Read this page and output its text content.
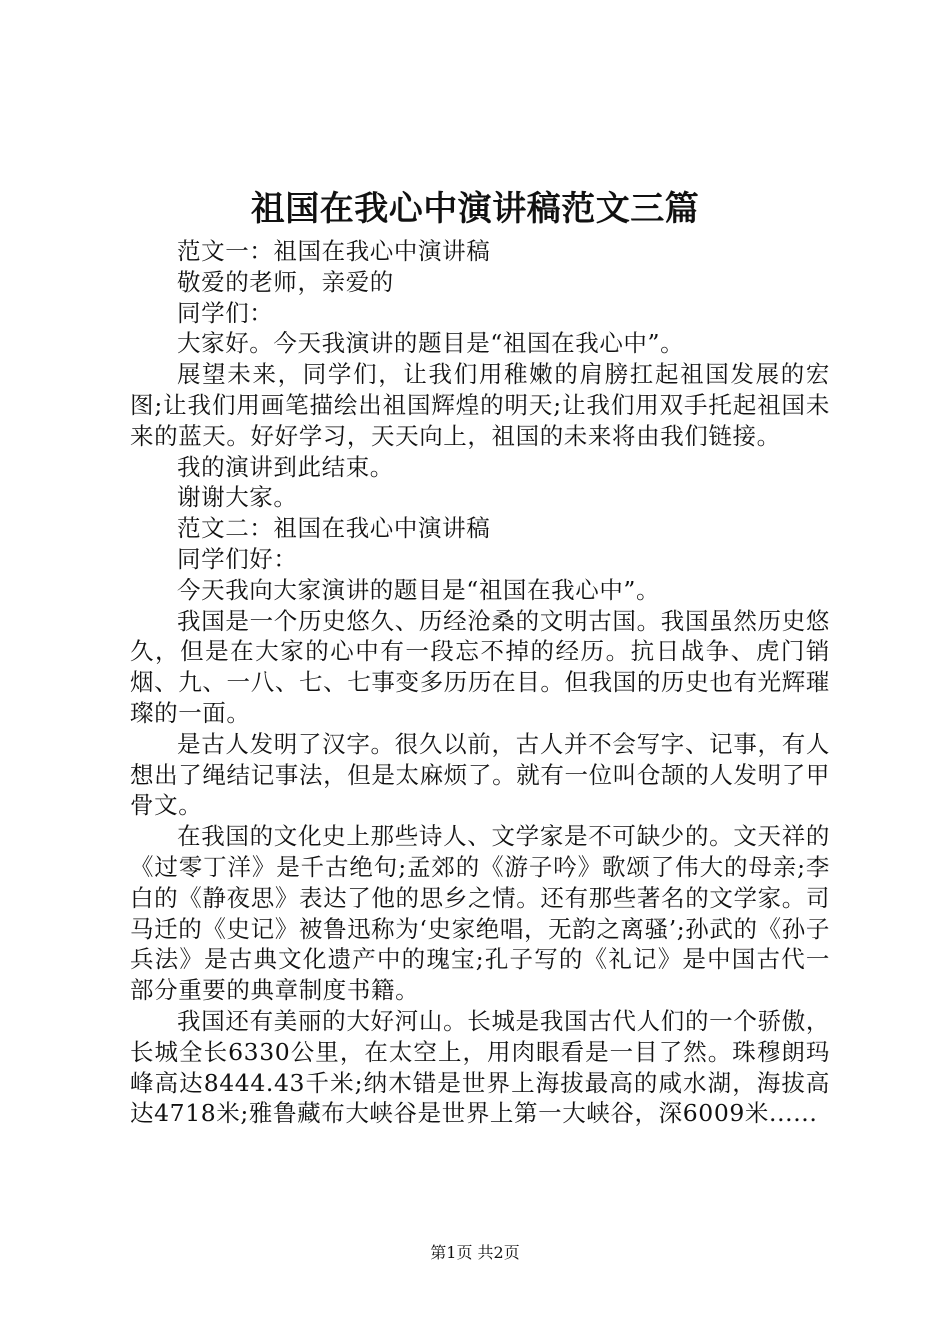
祖国在我心中演讲稿范文三篇

范文一：祖国在我心中演讲稿

敬爱的老师，亲爱的

同学们：

大家好。今天我演讲的题目是“祖国在我心中”。

展望未来，同学们，让我们用稚嫩的肩膀扛起祖国发展的宏图;让我们用画笔描绘出祖国辉煌的明天;让我们用双手托起祖国未来的蓝天。好好学习，天天向上，祖国的未来将由我们链接。

我的演讲到此结束。

谢谢大家。

范文二：祖国在我心中演讲稿

同学们好：

今天我向大家演讲的题目是“祖国在我心中”。

我国是一个历史悠久、历经沧桑的文明古国。我国虽然历史悠久，但是在大家的心中有一段忘不掉的经历。抗日战争、虎门销烟、九、一八、七、七事变多历历在目。但我国的历史也有光辉璀璨的一面。

是古人发明了汉字。很久以前，古人并不会写字、记事，有人想出了绳结记事法，但是太麻烦了。就有一位叫仓颉的人发明了甲骨文。

在我国的文化史上那些诗人、文学家是不可缺少的。文天祥的《过零丁洋》是千古绝句;孟郊的《游子吟》歌颂了伟大的母亲;李白的《静夜思》表达了他的思乡之情。还有那些著名的文学家。司马迁的《史记》被鲁迅称为‘史家绝唱，无韵之离骚’;孙武的《孙子兵法》是古典文化遗产中的瑰宝;孔子写的《礼记》是中国古代一部分重要的典章制度书籍。

我国还有美丽的大好河山。长城是我国古代人们的一个骄傲，长城全长6330公里，在太空上，用肉眼看是一目了然。珠穆朗玛峰高达8444.43千米;纳木错是世界上海拔最高的咸水湖，海拔高达4718米;雅鲁藏布大峡谷是世界上第一大峡谷，深6009米......

第1页 共2页
